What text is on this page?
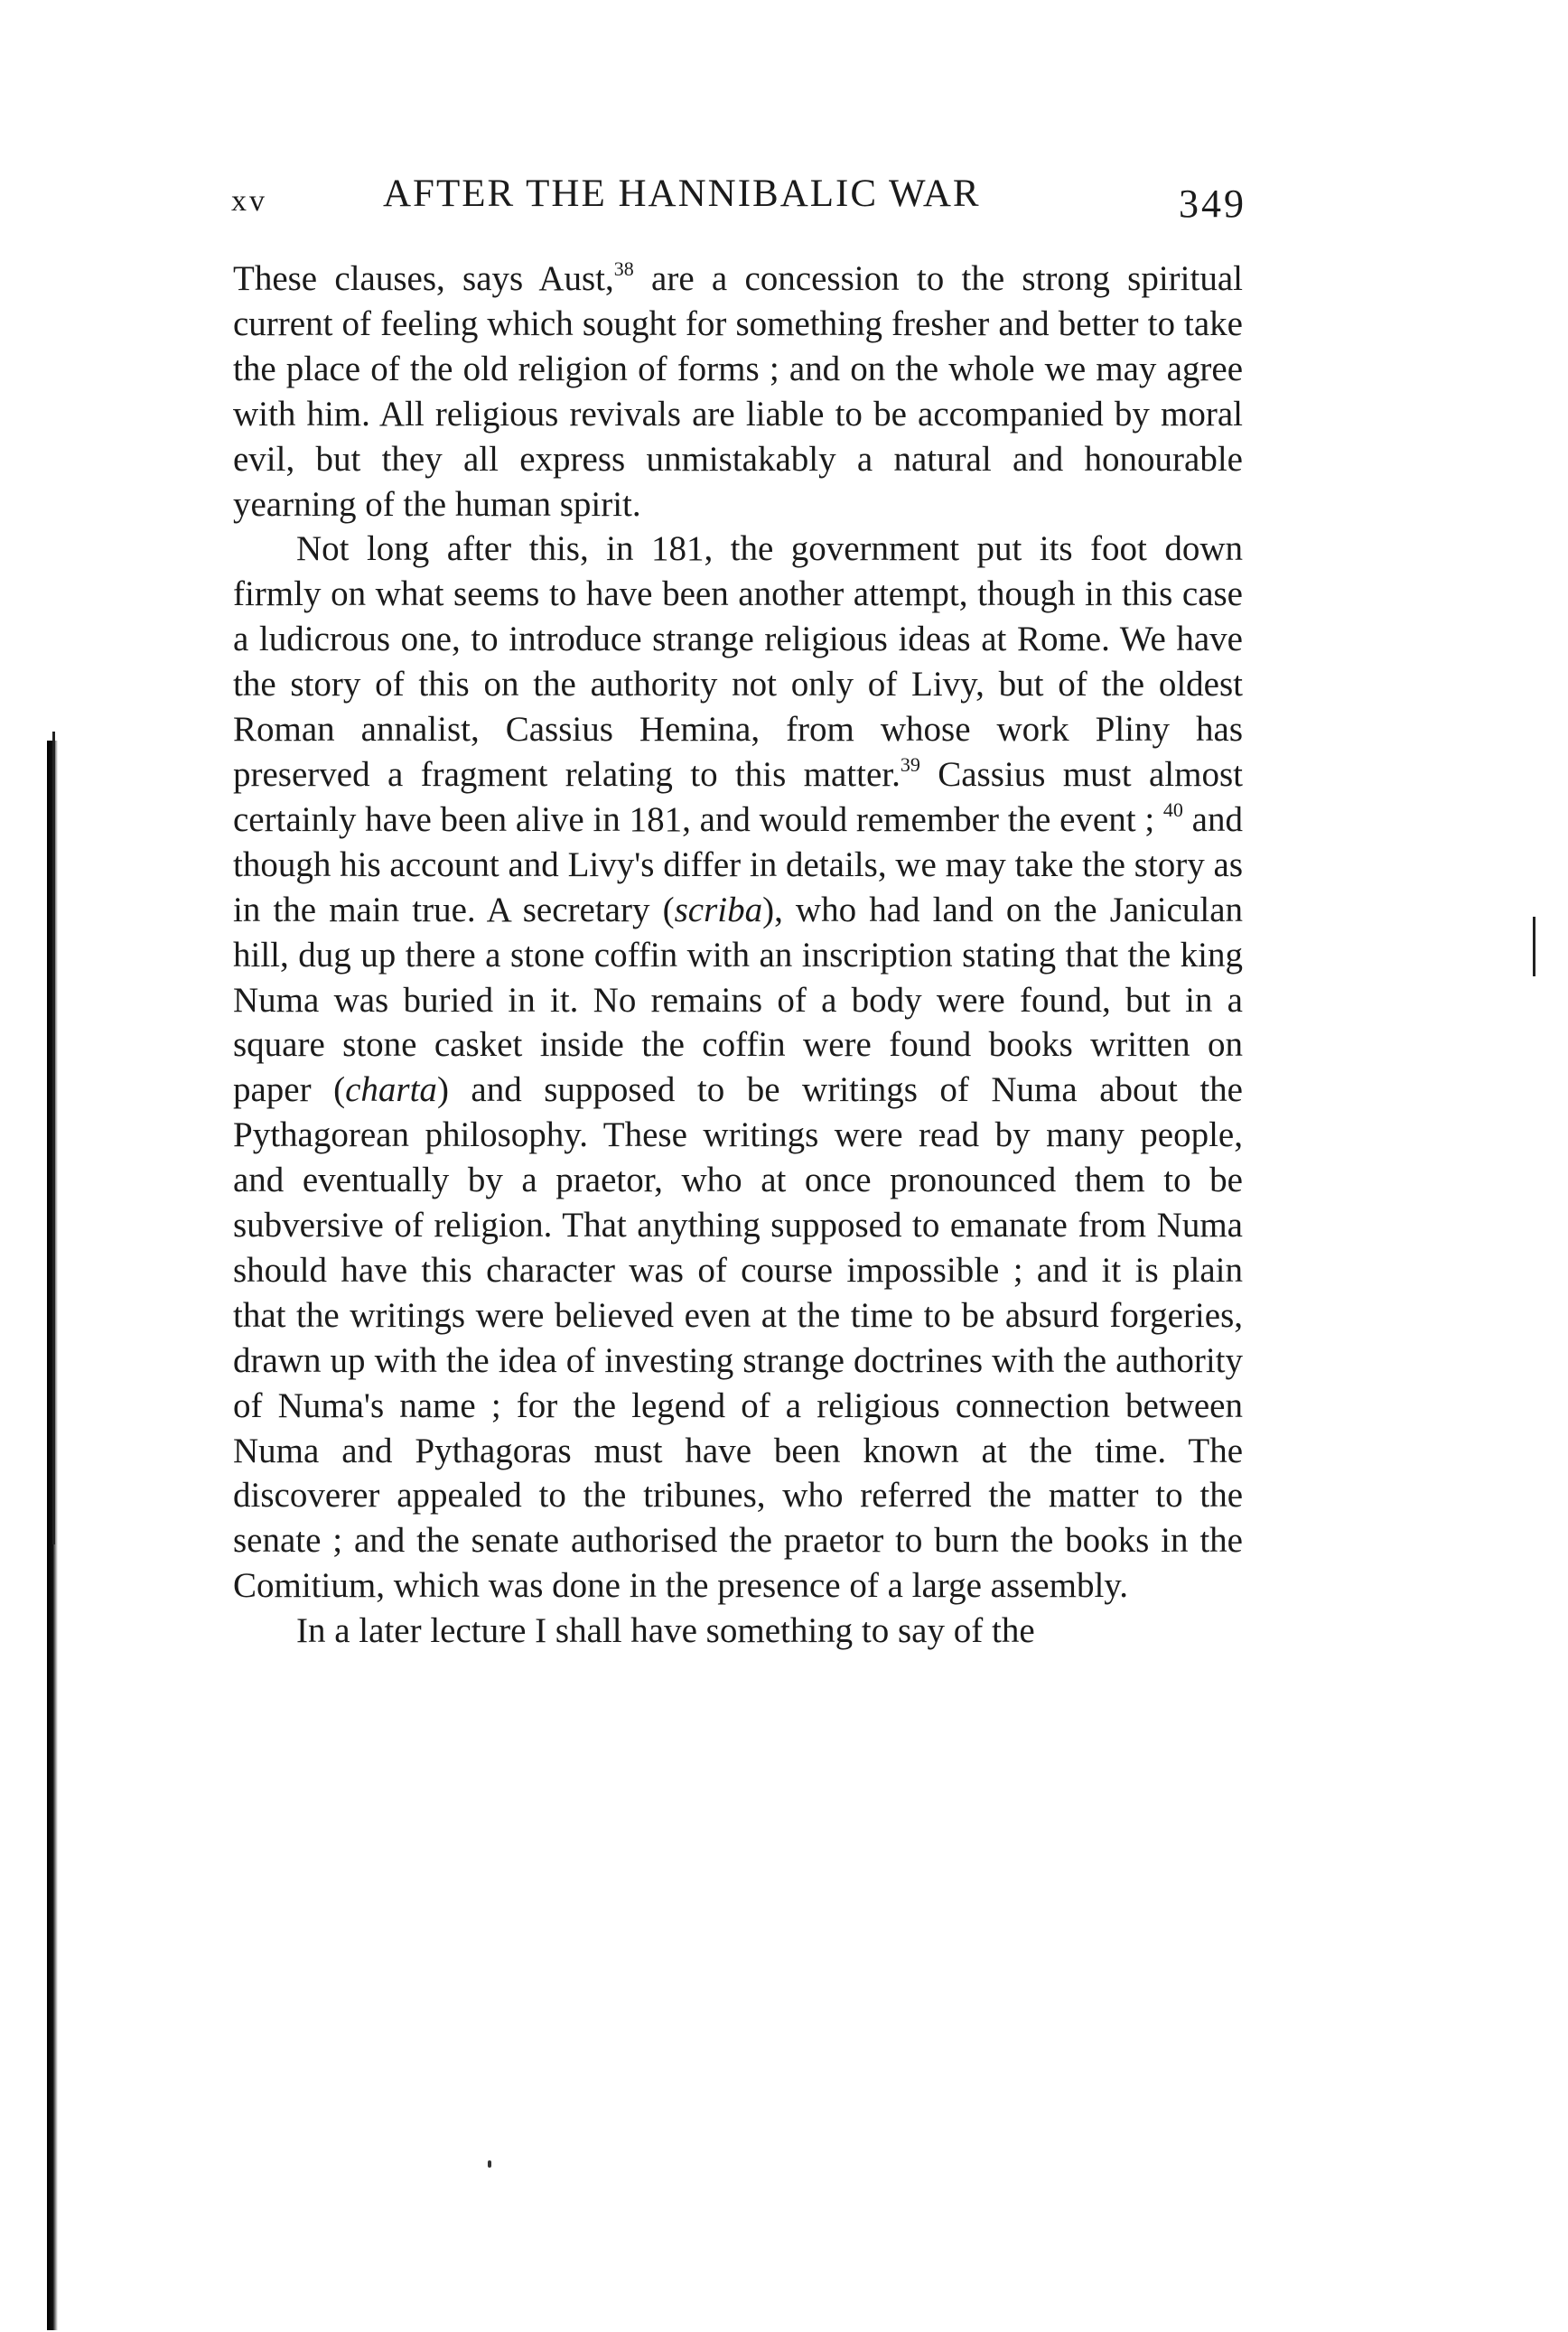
xv	AFTER THE HANNIBALIC WAR	349

These clauses, says Aust,$^{38}$ are a concession to the strong spiritual current of feeling which sought for something fresher and better to take the place of the old religion of forms ; and on the whole we may agree with him. All religious revivals are liable to be accompanied by moral evil, but they all express unmistakably a natural and honourable yearning of the human spirit.

Not long after this, in 181, the government put its foot down firmly on what seems to have been another attempt, though in this case a ludicrous one, to introduce strange religious ideas at Rome. We have the story of this on the authority not only of Livy, but of the oldest Roman annalist, Cassius Hemina, from whose work Pliny has preserved a fragment relating to this matter.$^{39}$ Cassius must almost certainly have been alive in 181, and would remember the event ; $^{40}$ and though his account and Livy's differ in details, we may take the story as in the main true. A secretary (scriba), who had land on the Janiculan hill, dug up there a stone coffin with an inscription stating that the king Numa was buried in it. No remains of a body were found, but in a square stone casket inside the coffin were found books written on paper (charta) and supposed to be writings of Numa about the Pythagorean philosophy. These writings were read by many people, and eventually by a praetor, who at once pronounced them to be subversive of religion. That anything supposed to emanate from Numa should have this character was of course impossible ; and it is plain that the writings were believed even at the time to be absurd forgeries, drawn up with the idea of investing strange doctrines with the authority of Numa's name ; for the legend of a religious connection between Numa and Pythagoras must have been known at the time. The discoverer appealed to the tribunes, who referred the matter to the senate ; and the senate authorised the praetor to burn the books in the Comitium, which was done in the presence of a large assembly.

In a later lecture I shall have something to say of the
